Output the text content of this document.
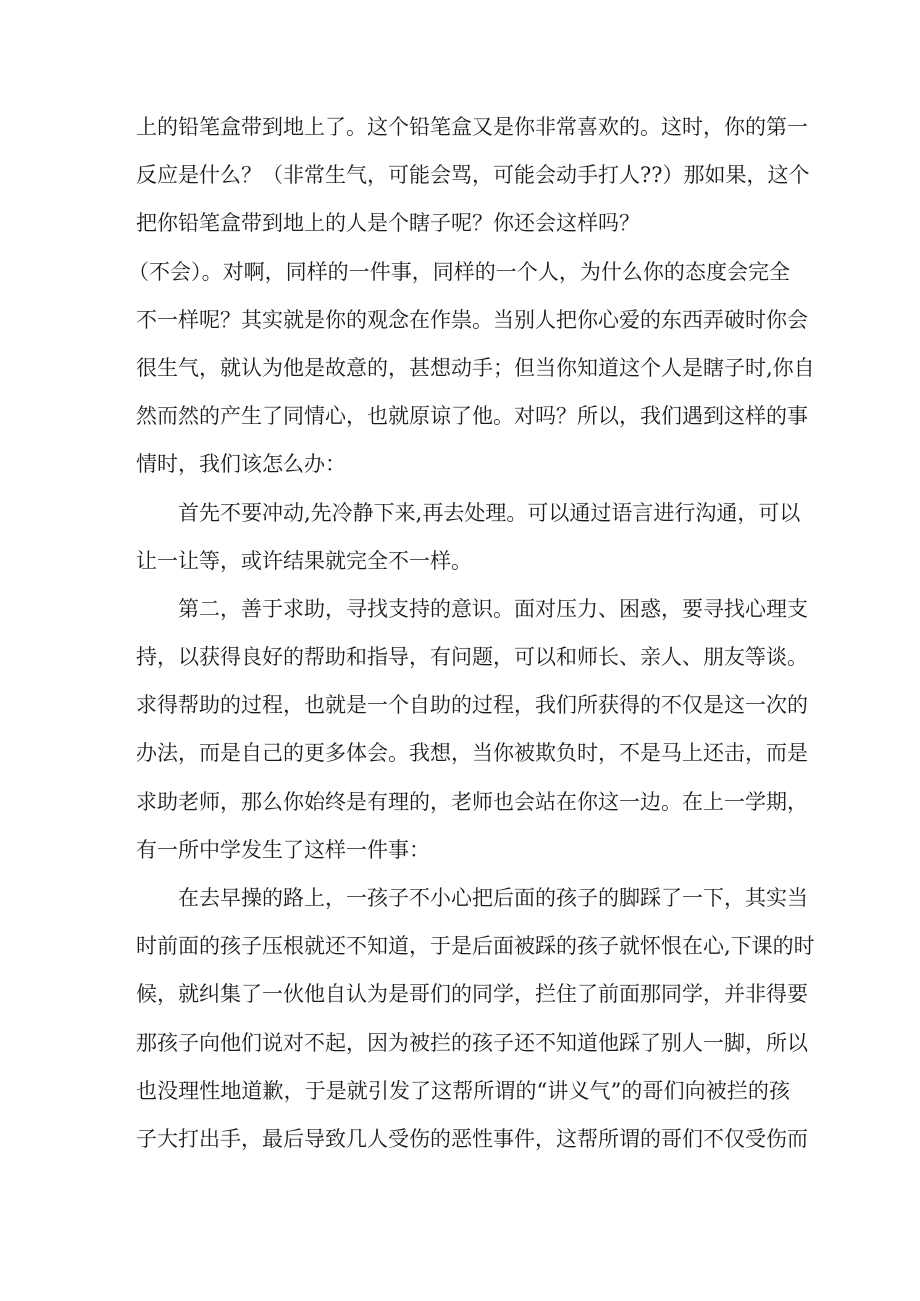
上的铅笔盒带到地上了。这个铅笔盒又是你非常喜欢的。这时，你的第一
反应是什么？（非常生气，可能会骂，可能会动手打人??）那如果，这个
把你铅笔盒带到地上的人是个瞎子呢？你还会这样吗？
（不会）。对啊，同样的一件事，同样的一个人，为什么你的态度会完全
不一样呢？其实就是你的观念在作祟。当别人把你心爱的东西弄破时你会
很生气，就认为他是故意的，甚想动手；但当你知道这个人是瞎子时,你自
然而然的产生了同情心，也就原谅了他。对吗？所以，我们遇到这样的事
情时，我们该怎么办：
首先不要冲动,先冷静下来,再去处理。可以通过语言进行沟通，可以
让一让等，或许结果就完全不一样。
第二，善于求助，寻找支持的意识。面对压力、困惑，要寻找心理支
持，以获得良好的帮助和指导，有问题，可以和师长、亲人、朋友等谈。
求得帮助的过程，也就是一个自助的过程，我们所获得的不仅是这一次的
办法，而是自己的更多体会。我想，当你被欺负时，不是马上还击，而是
求助老师，那么你始终是有理的，老师也会站在你这一边。在上一学期，
有一所中学发生了这样一件事：
在去早操的路上，一孩子不小心把后面的孩子的脚踩了一下，其实当
时前面的孩子压根就还不知道，于是后面被踩的孩子就怀恨在心,下课的时
候，就纠集了一伙他自认为是哥们的同学，拦住了前面那同学，并非得要
那孩子向他们说对不起，因为被拦的孩子还不知道他踩了别人一脚，所以
也没理性地道歉，于是就引发了这帮所谓的“讲义气”的哥们向被拦的孩
子大打出手，最后导致几人受伤的恶性事件，这帮所谓的哥们不仅受伤而
